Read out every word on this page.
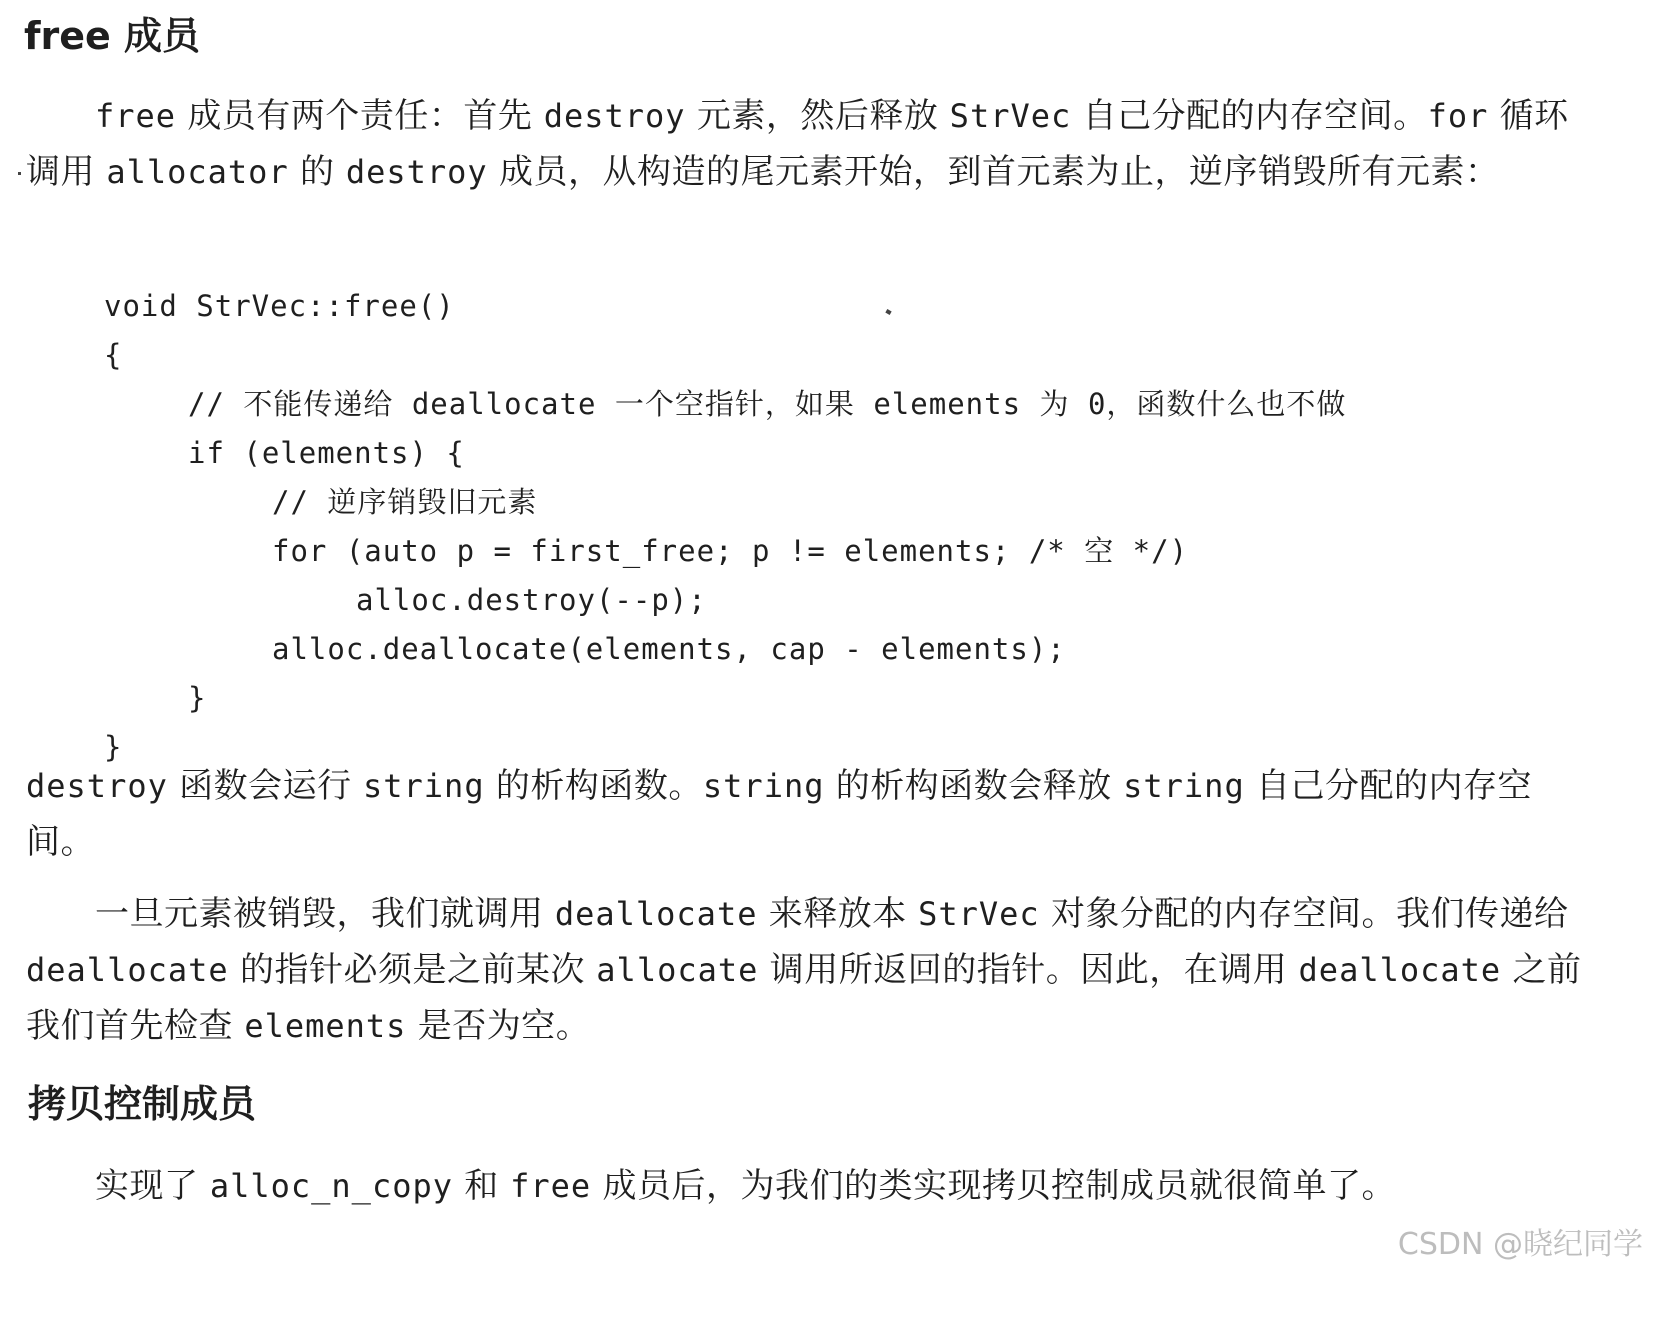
free 成员

　　free 成员有两个责任：首先 destroy 元素，然后释放 StrVec 自己分配的内存空间。for 循环调用 allocator 的 destroy 成员，从构造的尾元素开始，到首元素为止，逆序销毁所有元素：

void StrVec::free()
{
// 不能传递给 deallocate 一个空指针，如果 elements 为 0，函数什么也不做
if (elements) {
// 逆序销毁旧元素
for (auto p = first_free; p != elements; /* 空 */)
alloc.destroy(--p);
alloc.deallocate(elements, cap - elements);
}
}

destroy 函数会运行 string 的析构函数。string 的析构函数会释放 string 自己分配的内存空间。

　　一旦元素被销毁，我们就调用 deallocate 来释放本 StrVec 对象分配的内存空间。我们传递给 deallocate 的指针必须是之前某次 allocate 调用所返回的指针。因此，在调用 deallocate 之前我们首先检查 elements 是否为空。

拷贝控制成员

　　实现了 alloc_n_copy 和 free 成员后，为我们的类实现拷贝控制成员就很简单了。

CSDN @晓纪同学
